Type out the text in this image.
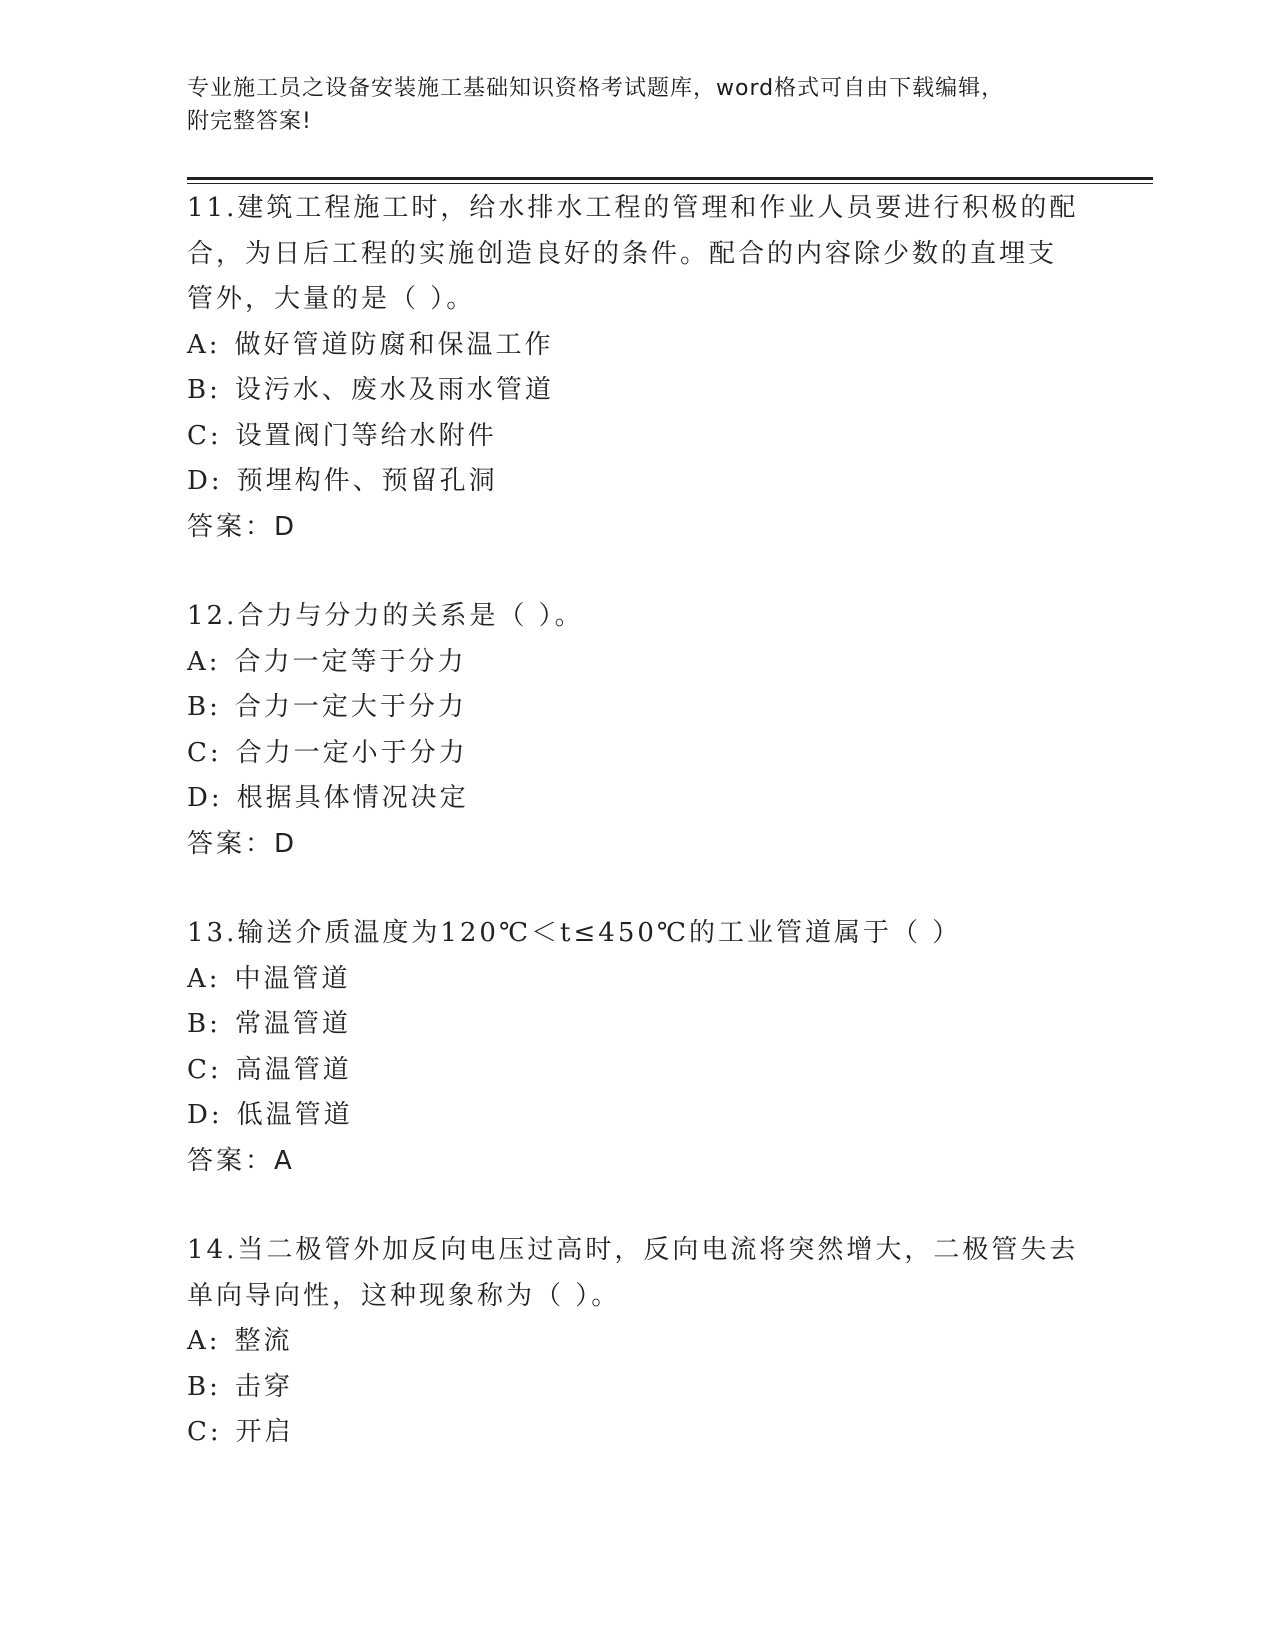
专业施工员之设备安装施工基础知识资格考试题库，word格式可自由下载编辑，
附完整答案!

11.建筑工程施工时，给水排水工程的管理和作业人员要进行积极的配

合，为日后工程的实施创造良好的条件。配合的内容除少数的直埋支

管外，大量的是（ ）。

A: 做好管道防腐和保温工作
B: 设污水、废水及雨水管道
C: 设置阀门等给水附件
D: 预埋构件、预留孔洞

答案：D

12.合力与分力的关系是（ ）。

A: 合力一定等于分力
B: 合力一定大于分力
C: 合力一定小于分力
D: 根据具体情况决定

答案：D

13.输送介质温度为120℃＜t≤450℃的工业管道属于（ ）

A: 中温管道
B: 常温管道
C: 高温管道
D: 低温管道

答案：A

14.当二极管外加反向电压过高时，反向电流将突然增大，二极管失去

单向导向性，这种现象称为（ ）。

A: 整流
B: 击穿
C: 开启
